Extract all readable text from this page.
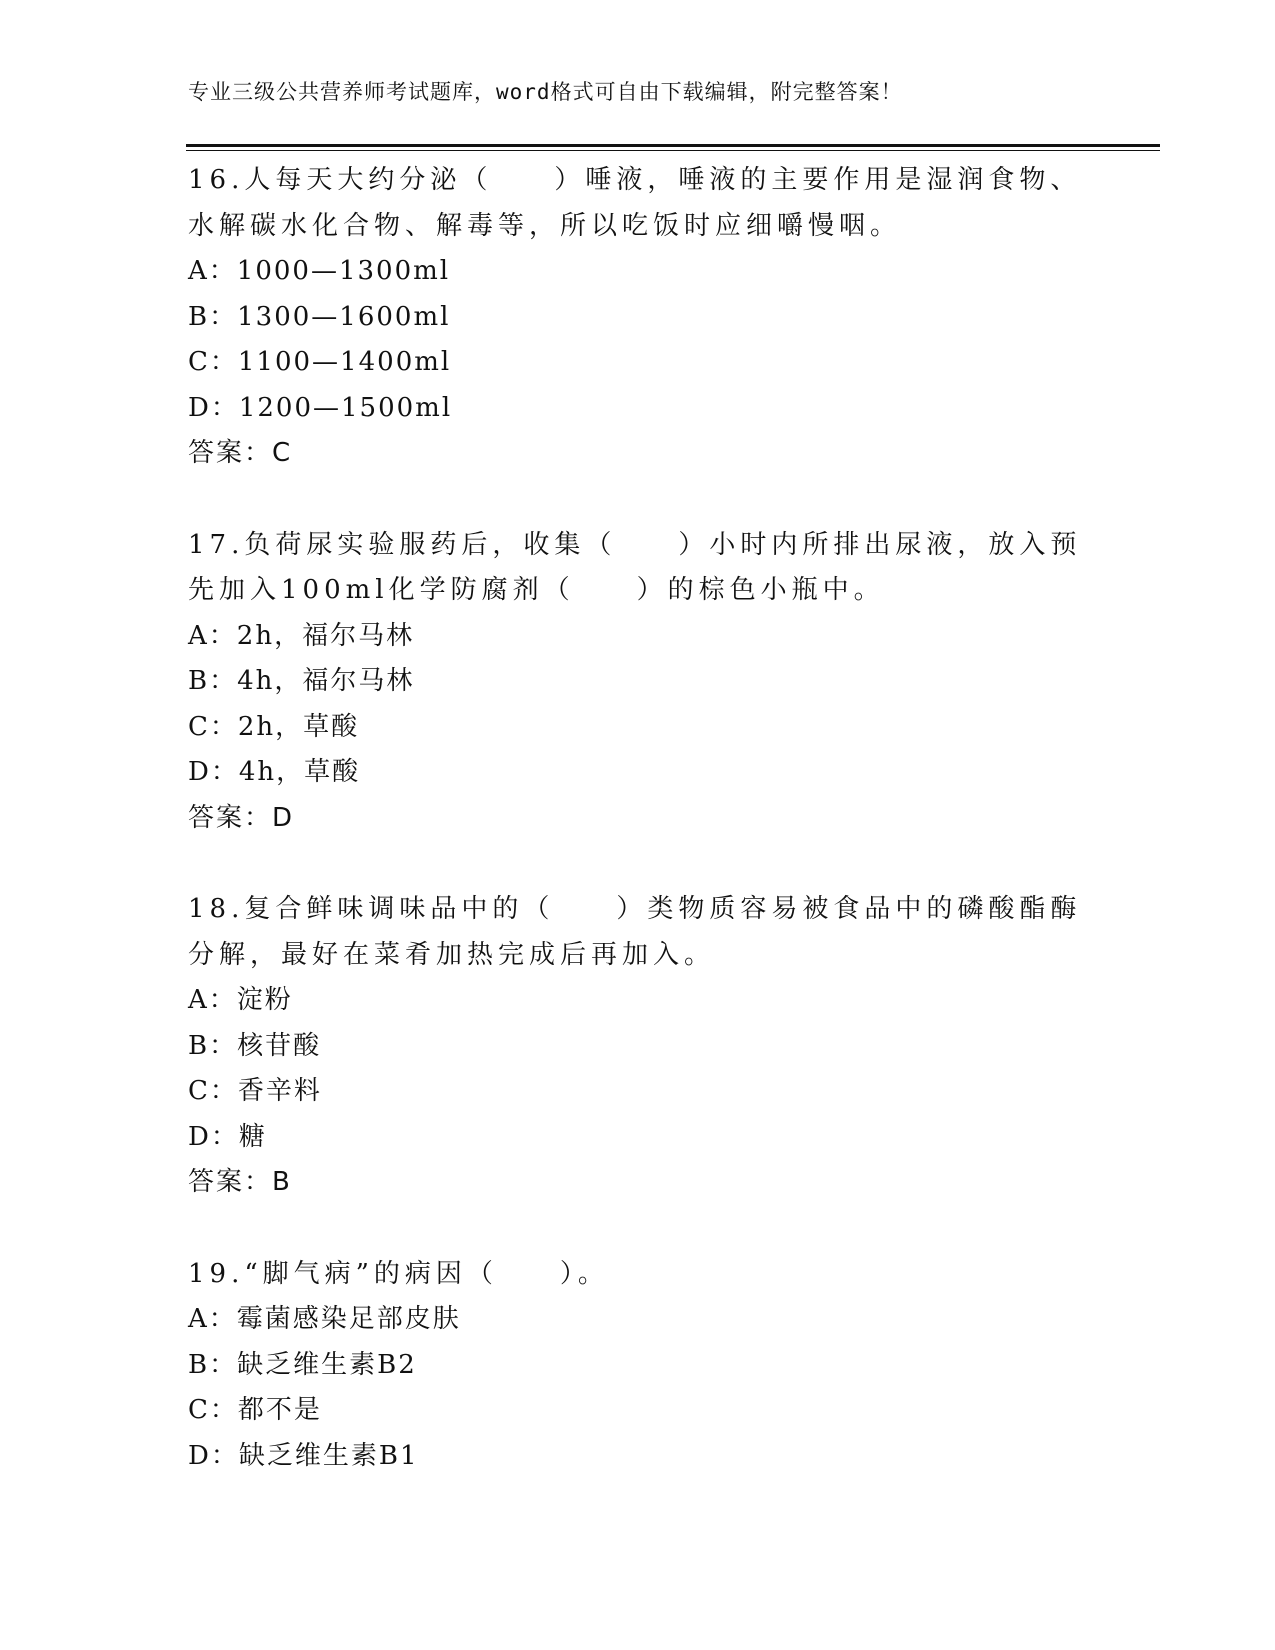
专业三级公共营养师考试题库，word格式可自由下载编辑，附完整答案！

16.人每天大约分泌（　　）唾液，唾液的主要作用是湿润食物、水解碳水化合物、解毒等，所以吃饭时应细嚼慢咽。

A：1000—1300ml

B：1300—1600ml

C：1100—1400ml

D：1200—1500ml

答案：C

17.负荷尿实验服药后，收集（　　）小时内所排出尿液，放入预先加入100ml化学防腐剂（　　）的棕色小瓶中。

A：2h，福尔马林

B：4h，福尔马林

C：2h，草酸

D：4h，草酸

答案：D

18.复合鲜味调味品中的（　　）类物质容易被食品中的磷酸酯酶分解，最好在菜肴加热完成后再加入。

A：淀粉

B：核苷酸

C：香辛料

D：糖

答案：B

19.“脚气病”的病因（　　）。

A：霉菌感染足部皮肤

B：缺乏维生素B2

C：都不是

D：缺乏维生素B1
